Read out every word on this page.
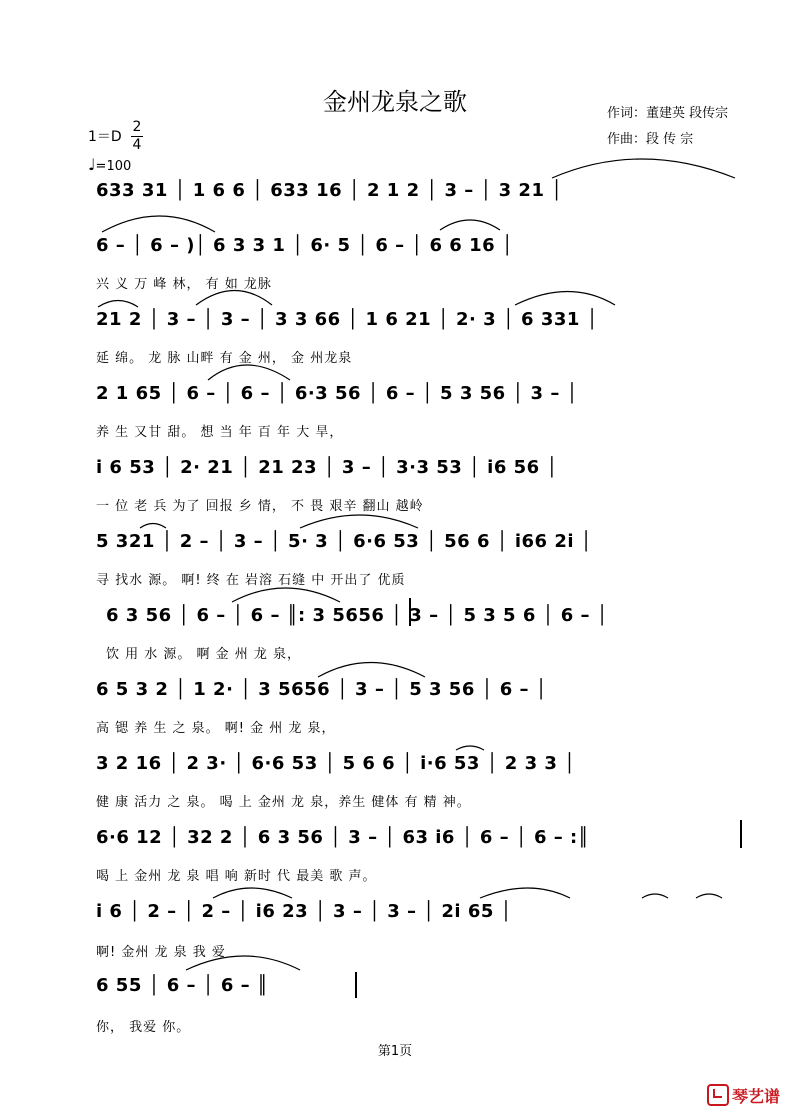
金州龙泉之歌	作词：董建英 段传宗
作曲：段 传 宗
1＝D
2
4
♩=100
633 31 │ 1 6 6 │ 633 16 │ 2 1 2 │ 3 – │ 3 21 │
6 – │ 6 – )│ 6 3 3 1 │ 6· 5 │ 6 – │ 6 6 16 │
兴 义 万 峰 林， 有 如 龙脉
21 2 │ 3 – │ 3 – │ 3 3 66 │ 1 6 21 │ 2· 3 │ 6 331 │
延 绵。 龙 脉 山畔 有 金 州， 金 州龙泉
2 1 65 │ 6 – │ 6 – │ 6·3 56 │ 6 – │ 5 3 56 │ 3 – │
养 生 又甘 甜。 想 当 年 百 年 大 旱，
i 6 53 │ 2· 21 │ 21 23 │ 3 – │ 3·3 53 │ i6 56 │
一 位 老 兵 为了 回报 乡 情， 不 畏 艰辛 翻山 越岭
5 321 │ 2 – │ 3 – │ 5· 3 │ 6·6 53 │ 56 6 │ i66 2i │
寻 找水 源。 啊! 终 在 岩溶 石缝 中 开出了 优质
6 3 56 │ 6 – │ 6 – ║: 3 5656 │ 3 – │ 5 3 5 6 │ 6 – │
饮 用 水 源。 啊 金 州 龙 泉，
6 5 3 2 │ 1 2· │ 3 5656 │ 3 – │ 5 3 56 │ 6 – │
高 锶 养 生 之 泉。 啊! 金 州 龙 泉，
3 2 16 │ 2 3· │ 6·6 53 │ 5 6 6 │ i·6 53 │ 2 3 3 │
健 康 活力 之 泉。 喝 上 金州 龙 泉，养生 健体 有 精 神。
6·6 12 │ 32 2 │ 6 3 56 │ 3 – │ 63 i6 │ 6 – │ 6 – :║
喝 上 金州 龙 泉 唱 响 新时 代 最美 歌 声。
i 6 │ 2 – │ 2 – │ i6 23 │ 3 – │ 3 – │ 2i 65 │
啊! 金州 龙 泉 我 爱
6 55 │ 6 – │ 6 – ║
你， 我爱 你。
第1页
琴艺谱
